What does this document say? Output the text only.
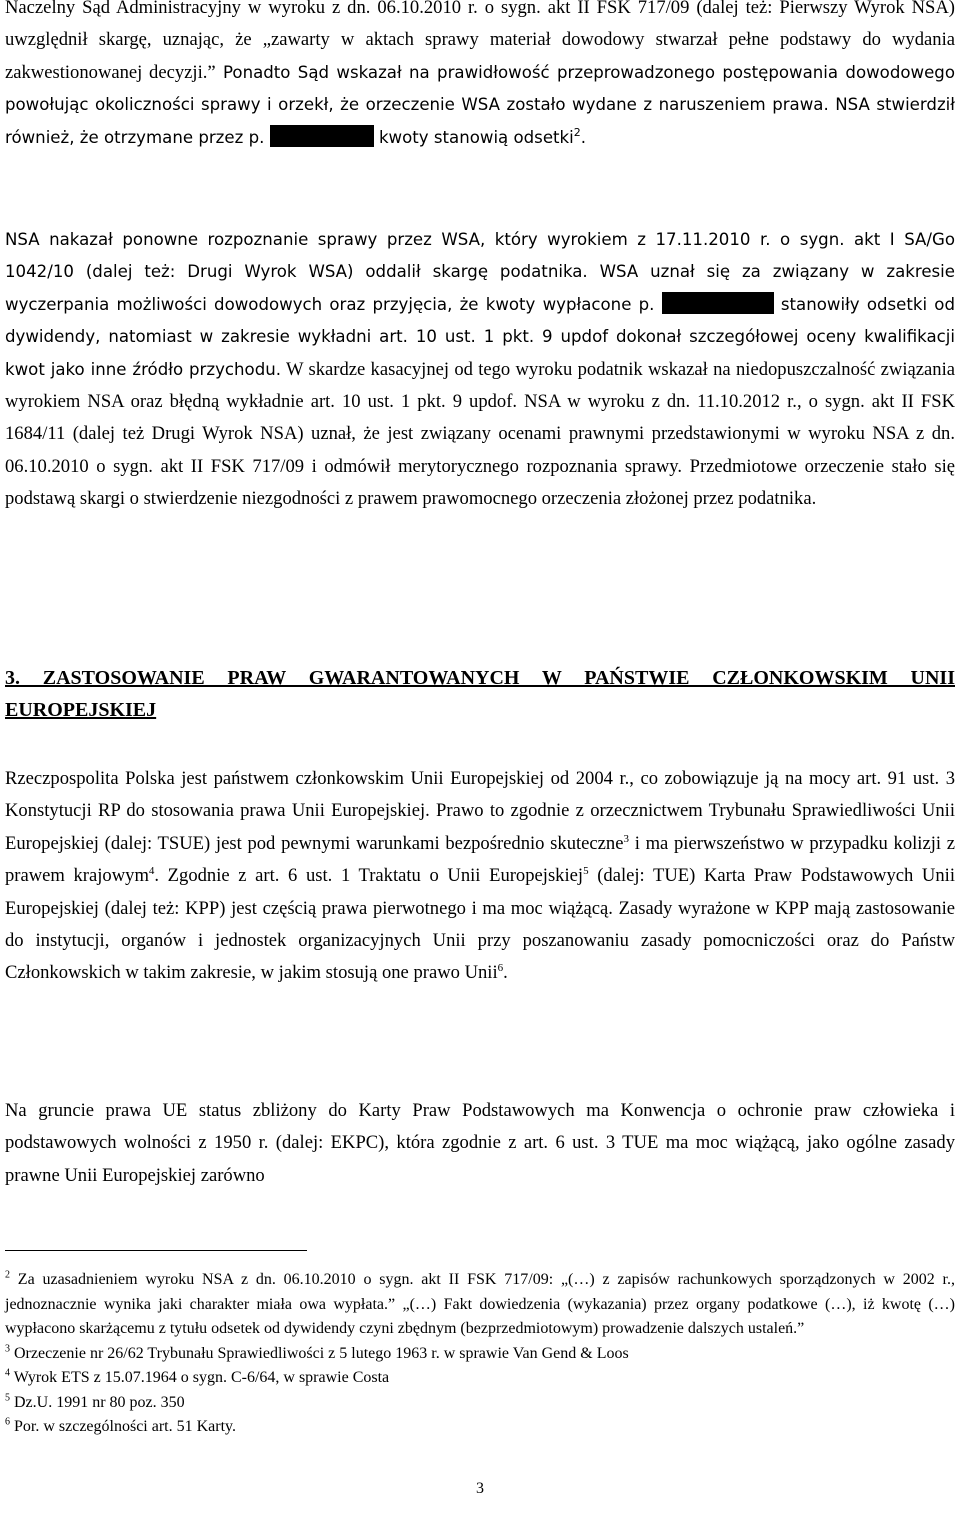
Naczelny Sąd Administracyjny w wyroku z dn. 06.10.2010 r. o sygn. akt II FSK 717/09 (dalej też: Pierwszy Wyrok NSA) uwzględnił skargę, uznając, że „zawarty w aktach sprawy materiał dowodowy stwarzał pełne podstawy do wydania zakwestionowanej decyzji.” Ponadto Sąd wskazał na prawidłowość przeprowadzonego postępowania dowodowego powołując okoliczności sprawy i orzekł, że orzeczenie WSA zostało wydane z naruszeniem prawa. NSA stwierdził również, że otrzymane przez p.	kwoty stanowią odsetki$^2$.

NSA nakazał ponowne rozpoznanie sprawy przez WSA, który wyrokiem z 17.11.2010 r. o sygn. akt I SA/Go 1042/10 (dalej też: Drugi Wyrok WSA) oddalił skargę podatnika. WSA uznał się za związany w zakresie wyczerpania możliwości dowodowych oraz przyjęcia, że kwoty wypłacone p.	stanowiły odsetki od dywidendy, natomiast w zakresie wykładni art. 10 ust. 1 pkt. 9 updof dokonał szczegółowej oceny kwalifikacji kwot jako inne źródło przychodu. W skardze kasacyjnej od tego wyroku podatnik wskazał na niedopuszczalność związania wyrokiem NSA oraz błędną wykładnie art. 10 ust. 1 pkt. 9 updof. NSA w wyroku z dn. 11.10.2012 r., o sygn. akt II FSK 1684/11 (dalej też Drugi Wyrok NSA) uznał, że jest związany ocenami prawnymi przedstawionymi w wyroku NSA z dn. 06.10.2010 o sygn. akt II FSK 717/09 i odmówił merytorycznego rozpoznania sprawy. Przedmiotowe orzeczenie stało się podstawą skargi o stwierdzenie niezgodności z prawem prawomocnego orzeczenia złożonej przez podatnika.

3. ZASTOSOWANIE PRAW GWARANTOWANYCH W PAŃSTWIE CZŁONKOWSKIM UNII EUROPEJSKIEJ

Rzeczpospolita Polska jest państwem członkowskim Unii Europejskiej od 2004 r., co zobowiązuje ją na mocy art. 91 ust. 3 Konstytucji RP do stosowania prawa Unii Europejskiej. Prawo to zgodnie z orzecznictwem Trybunału Sprawiedliwości Unii Europejskiej (dalej: TSUE) jest pod pewnymi warunkami bezpośrednio skuteczne$^3$ i ma pierwszeństwo w przypadku kolizji z prawem krajowym$^4$. Zgodnie z art. 6 ust. 1 Traktatu o Unii Europejskiej$^5$ (dalej: TUE) Karta Praw Podstawowych Unii Europejskiej (dalej też: KPP) jest częścią prawa pierwotnego i ma moc wiążącą. Zasady wyrażone w KPP mają zastosowanie do instytucji, organów i jednostek organizacyjnych Unii przy poszanowaniu zasady pomocniczości oraz do Państw Członkowskich w takim zakresie, w jakim stosują one prawo Unii$^6$.

Na gruncie prawa UE status zbliżony do Karty Praw Podstawowych ma Konwencja o ochronie praw człowieka i podstawowych wolności z 1950 r. (dalej: EKPC), która zgodnie z art. 6 ust. 3 TUE ma moc wiążącą, jako ogólne zasady prawne Unii Europejskiej zarówno

$^2$ Za uzasadnieniem wyroku NSA z dn. 06.10.2010 o sygn. akt II FSK 717/09: „(…) z zapisów rachunkowych sporządzonych w 2002 r., jednoznacznie wynika jaki charakter miała owa wypłata.” „(…) Fakt dowiedzenia (wykazania) przez organy podatkowe (…), iż kwotę (…) wypłacono skarżącemu z tytułu odsetek od dywidendy czyni zbędnym (bezprzedmiotowym) prowadzenie dalszych ustaleń.”

$^3$ Orzeczenie nr 26/62 Trybunału Sprawiedliwości z 5 lutego 1963 r. w sprawie Van Gend & Loos

$^4$ Wyrok ETS z 15.07.1964 o sygn. C-6/64, w sprawie Costa

$^5$ Dz.U. 1991 nr 80 poz. 350

$^6$ Por. w szczególności art. 51 Karty.

3
